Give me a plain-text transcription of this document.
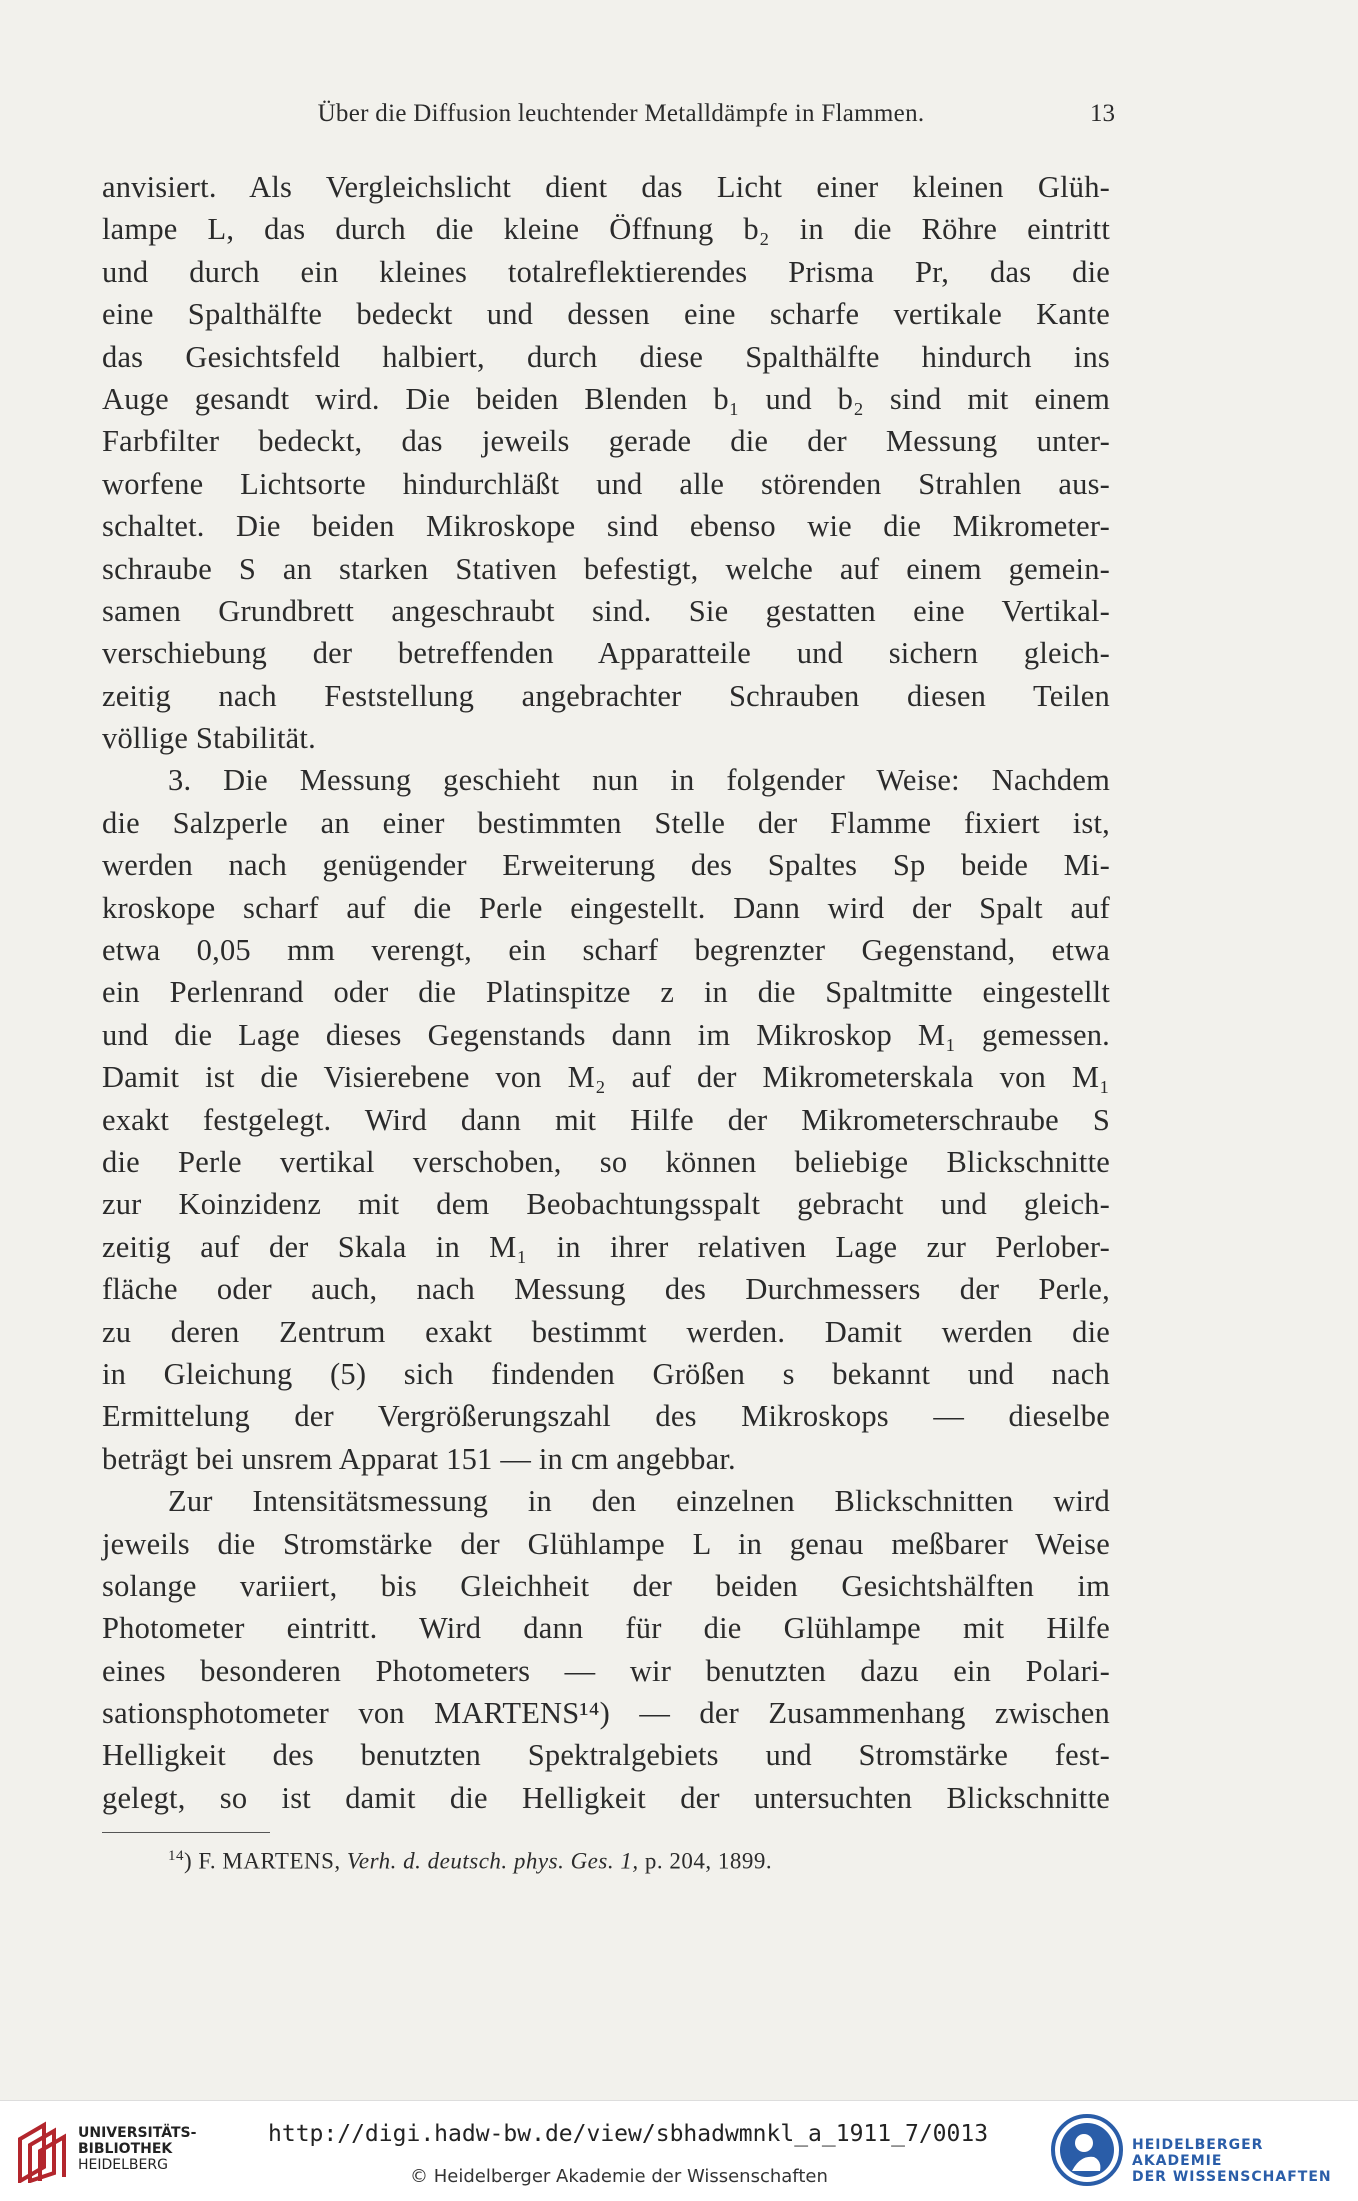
Über die Diffusion leuchtender Metalldämpfe in Flammen.	13
anvisiert. Als Vergleichslicht dient das Licht einer kleinen Glüh-
lampe L, das durch die kleine Öffnung b₂ in die Röhre eintritt
und durch ein kleines totalreflektierendes Prisma Pr, das die
eine Spalthälfte bedeckt und dessen eine scharfe vertikale Kante
das Gesichtsfeld halbiert, durch diese Spalthälfte hindurch ins
Auge gesandt wird. Die beiden Blenden b₁ und b₂ sind mit einem
Farbfilter bedeckt, das jeweils gerade die der Messung unter-
worfene Lichtsorte hindurchläßt und alle störenden Strahlen aus-
schaltet. Die beiden Mikroskope sind ebenso wie die Mikrometer-
schraube S an starken Stativen befestigt, welche auf einem gemein-
samen Grundbrett angeschraubt sind. Sie gestatten eine Vertikal-
verschiebung der betreffenden Apparatteile und sichern gleich-
zeitig nach Feststellung angebrachter Schrauben diesen Teilen
völlige Stabilität.
3. Die Messung geschieht nun in folgender Weise: Nachdem
die Salzperle an einer bestimmten Stelle der Flamme fixiert ist,
werden nach genügender Erweiterung des Spaltes Sp beide Mi-
kroskope scharf auf die Perle eingestellt. Dann wird der Spalt auf
etwa 0,05 mm verengt, ein scharf begrenzter Gegenstand, etwa
ein Perlenrand oder die Platinspitze z in die Spaltmitte eingestellt
und die Lage dieses Gegenstands dann im Mikroskop M₁ gemessen.
Damit ist die Visierebene von M₂ auf der Mikrometerskala von M₁
exakt festgelegt. Wird dann mit Hilfe der Mikrometerschraube S
die Perle vertikal verschoben, so können beliebige Blickschnitte
zur Koinzidenz mit dem Beobachtungsspalt gebracht und gleich-
zeitig auf der Skala in M₁ in ihrer relativen Lage zur Perlober-
fläche oder auch, nach Messung des Durchmessers der Perle,
zu deren Zentrum exakt bestimmt werden. Damit werden die
in Gleichung (5) sich findenden Größen s bekannt und nach
Ermittelung der Vergrößerungszahl des Mikroskops — dieselbe
beträgt bei unsrem Apparat 151 — in cm angebbar.
Zur Intensitätsmessung in den einzelnen Blickschnitten wird
jeweils die Stromstärke der Glühlampe L in genau meßbarer Weise
solange variiert, bis Gleichheit der beiden Gesichtshälften im
Photometer eintritt. Wird dann für die Glühlampe mit Hilfe
eines besonderen Photometers — wir benutzten dazu ein Polari-
sationsphotometer von MARTENS¹⁴) — der Zusammenhang zwischen
Helligkeit des benutzten Spektralgebiets und Stromstärke fest-
gelegt, so ist damit die Helligkeit der untersuchten Blickschnitte
$^{14}$) F. MARTENS, Verh. d. deutsch. phys. Ges. 1, p. 204, 1899.
UNIVERSITÄTS-
BIBLIOTHEK
HEIDELBERG
http://digi.hadw-bw.de/view/sbhadwmnkl_a_1911_7/0013
© Heidelberger Akademie der Wissenschaften
HEIDELBERGER AKADEMIE
DER WISSENSCHAFTEN
